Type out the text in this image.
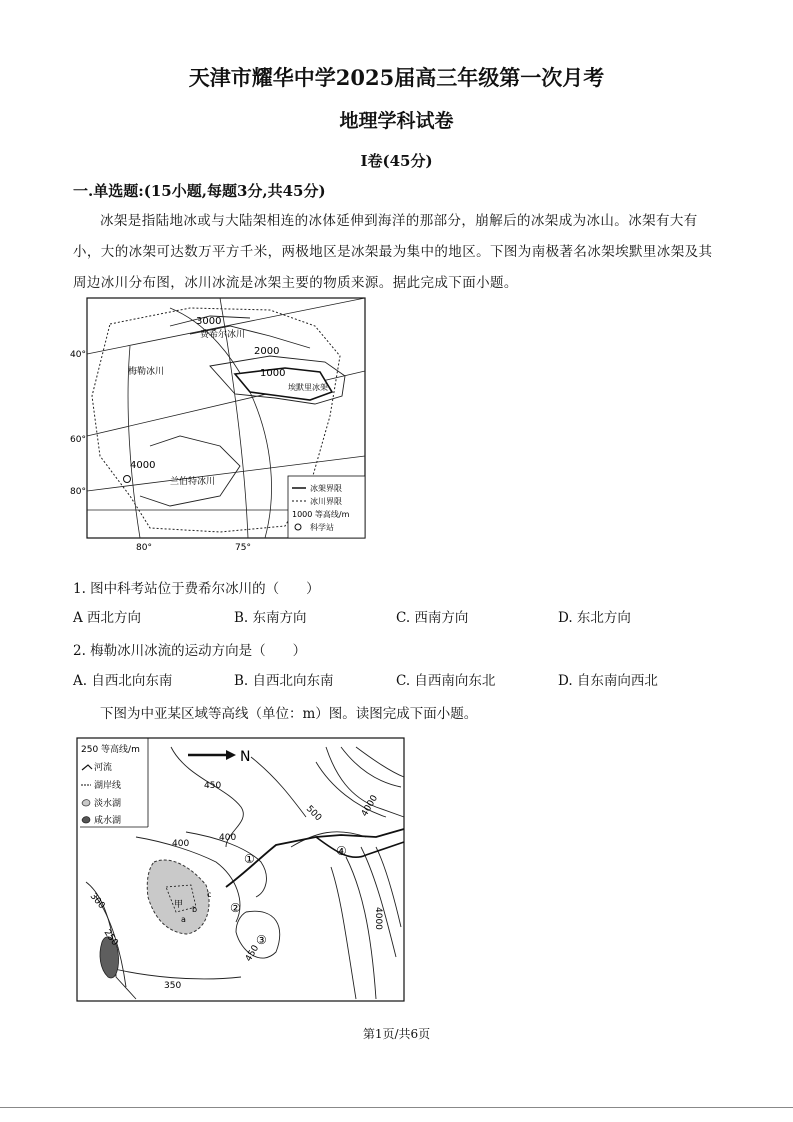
天津市耀华中学2025届高三年级第一次月考
地理学科试卷
Ⅰ卷(45分)
一.单选题:(15小题,每题3分,共45分)
冰架是指陆地冰或与大陆架相连的冰体延伸到海洋的那部分，崩解后的冰架成为冰山。冰架有大有小，大的冰架可达数万平方千米，两极地区是冰架最为集中的地区。下图为南极著名冰架埃默里冰架及其周边冰川分布图，冰川冰流是冰架主要的物质来源。据此完成下面小题。
40°
60°
80°
80°	75°
3000
2000
1000
4000
费希尔冰川
梅勒冰川
兰伯特冰川
埃默里冰架
冰架界限
冰川界限
1000 等高线/m
科学站
1. 图中科考站位于费希尔冰川的（　　）
A 西北方向	B. 东南方向	C. 西南方向	D. 东北方向
2. 梅勒冰川冰流的运动方向是（　　）
A. 自西北向东南	B. 自西北向东南	C. 自西南向东北	D. 自东南向西北
下图为中亚某区域等高线（单位：m）图。读图完成下面小题。
250 等高线/m
河流
湖岸线
淡水湖
咸水湖
N
450
500	4000
400
400
300
250
350
450
4000
①
②
③
④
甲
a
b
c
第1页/共6页
